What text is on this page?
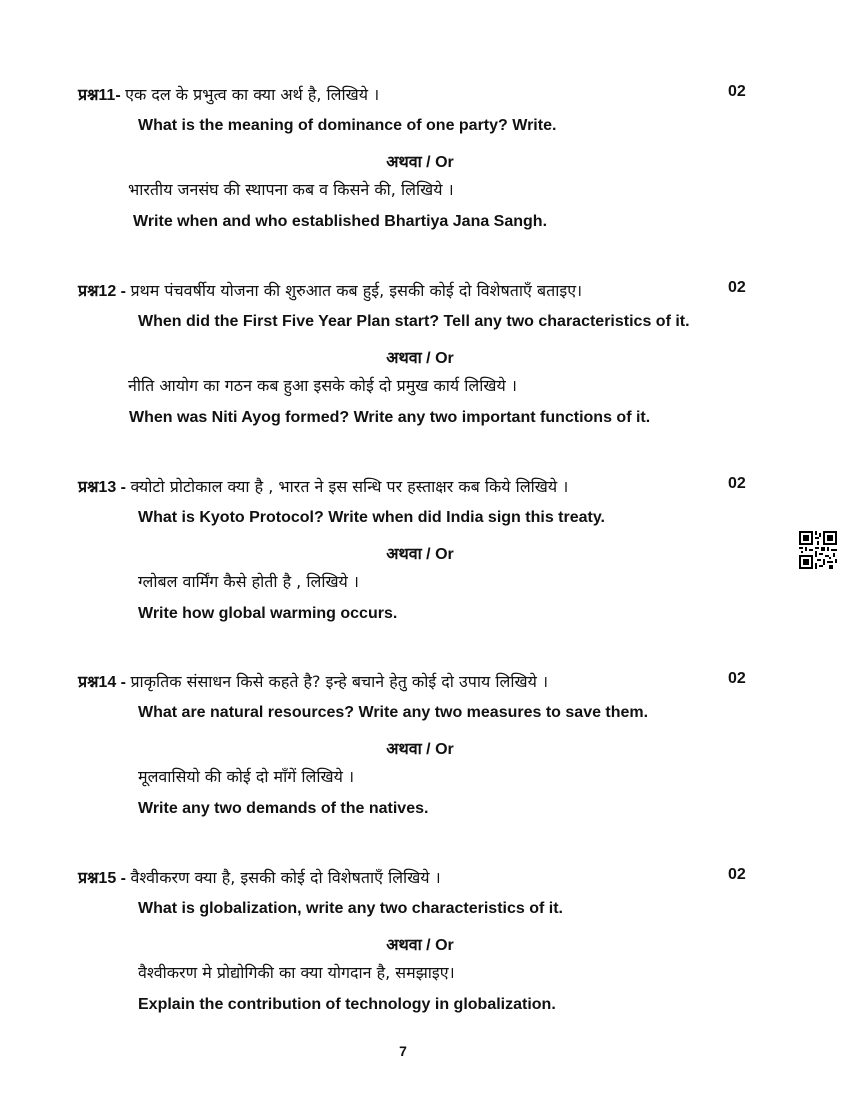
प्रश्न11- एक दल के प्रभुत्व का क्या अर्थ है, लिखिये ।	02
What is the meaning of dominance of one party? Write.
अथवा / Or
भारतीय जनसंघ की स्थापना कब व किसने की, लिखिये ।
Write when and who established Bhartiya Jana Sangh.
प्रश्न12 - प्रथम पंचवर्षीय योजना की शुरुआत कब हुई, इसकी कोई दो विशेषताएँ बताइए।	02
When did the First Five Year Plan start? Tell any two characteristics of it.
अथवा / Or
नीति आयोग का गठन कब हुआ इसके कोई दो प्रमुख कार्य लिखिये ।
When was Niti Ayog formed? Write any two important functions of it.
प्रश्न13 - क्योटो प्रोटोकाल क्या है , भारत ने इस सन्धि पर हस्ताक्षर कब किये लिखिये ।	02
What is Kyoto Protocol? Write when did India sign this treaty.
अथवा / Or
ग्लोबल वार्मिंग कैसे होती है , लिखिये ।
Write how global warming occurs.
प्रश्न14 - प्राकृतिक संसाधन किसे कहते है? इन्हे बचाने हेतु कोई दो उपाय लिखिये ।	02
What are natural resources? Write any two measures to save them.
अथवा / Or
मूलवासियो की कोई दो माँगें लिखिये ।
Write any two demands of the natives.
प्रश्न15 - वैश्वीकरण क्या है, इसकी कोई दो विशेषताएँ लिखिये ।	02
What is globalization, write any two characteristics of it.
अथवा / Or
वैश्वीकरण मे प्रोद्योगिकी का क्या योगदान है, समझाइए।
Explain the contribution of technology in globalization.
7
